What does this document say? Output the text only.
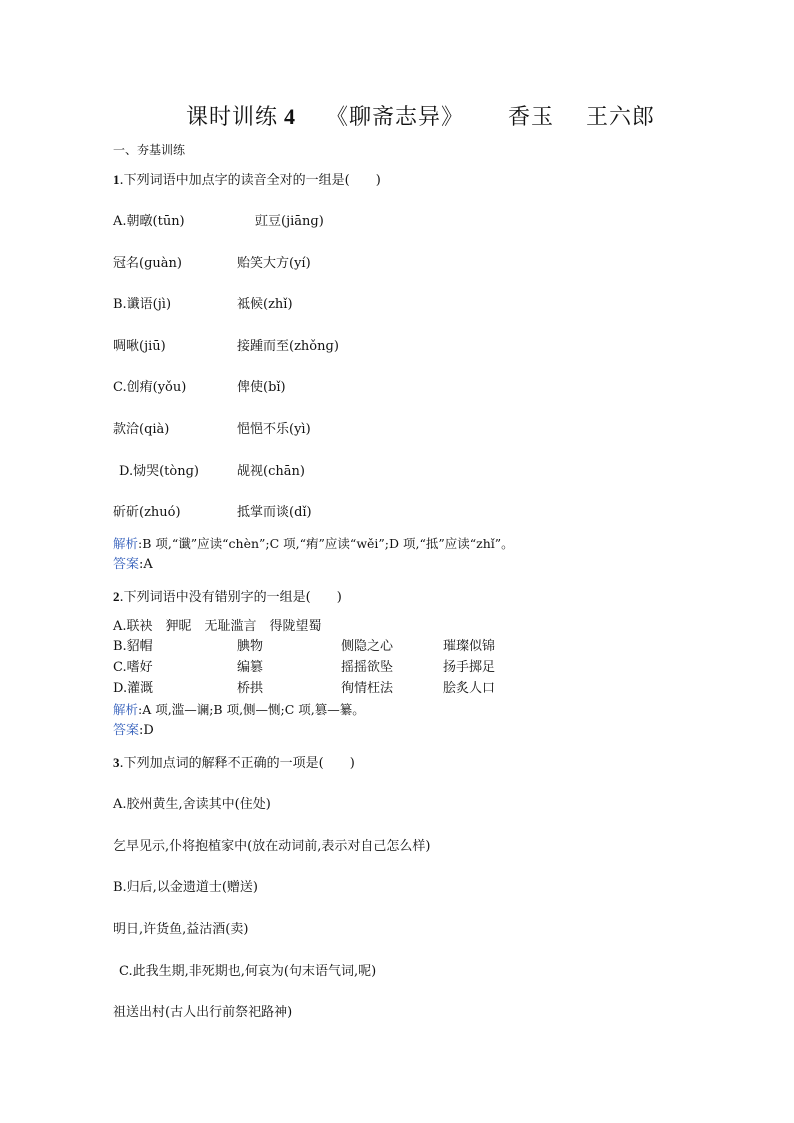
课时训练 4 《聊斋志异》 香玉 王六郎
一、夯基训练
1.下列词语中加点字的读音全对的一组是(　　)
A.朝暾(tūn)	豇豆(jiānɡ)
冠名(ɡuàn)	贻笑大方(yí)
B.谶语(jì)	祗候(zhǐ)
啁啾(jiū)	接踵而至(zhǒnɡ)
C.创痏(yǒu)	俾使(bǐ)
款洽(qià)	悒悒不乐(yì)
D.恸哭(tònɡ)	觇视(chān)
斫斫(zhuó)	抵掌而谈(dǐ)
解析:B 项,“谶”应读“chèn”;C 项,“痏”应读“wěi”;D 项,“抵”应读“zhǐ”。
答案:A
2.下列词语中没有错别字的一组是(　　)
A.联袂　狎昵　无耻滥言　得陇望蜀
B.貂帽	腆物	侧隐之心	璀璨似锦
C.嗜好	编篡	摇摇欲坠	扬手掷足
D.灌溉	桥拱	徇情枉法	脍炙人口
解析:A 项,滥—谰;B 项,侧—恻;C 项,篡—纂。
答案:D
3.下列加点词的解释不正确的一项是(　　)
A.胶州黄生,舍读其中(住处)
乞早见示,仆将抱植家中(放在动词前,表示对自己怎么样)
B.归后,以金遗道士(赠送)
明日,许货鱼,益沽酒(卖)
C.此我生期,非死期也,何哀为(句末语气词,呢)
祖送出村(古人出行前祭祀路神)
